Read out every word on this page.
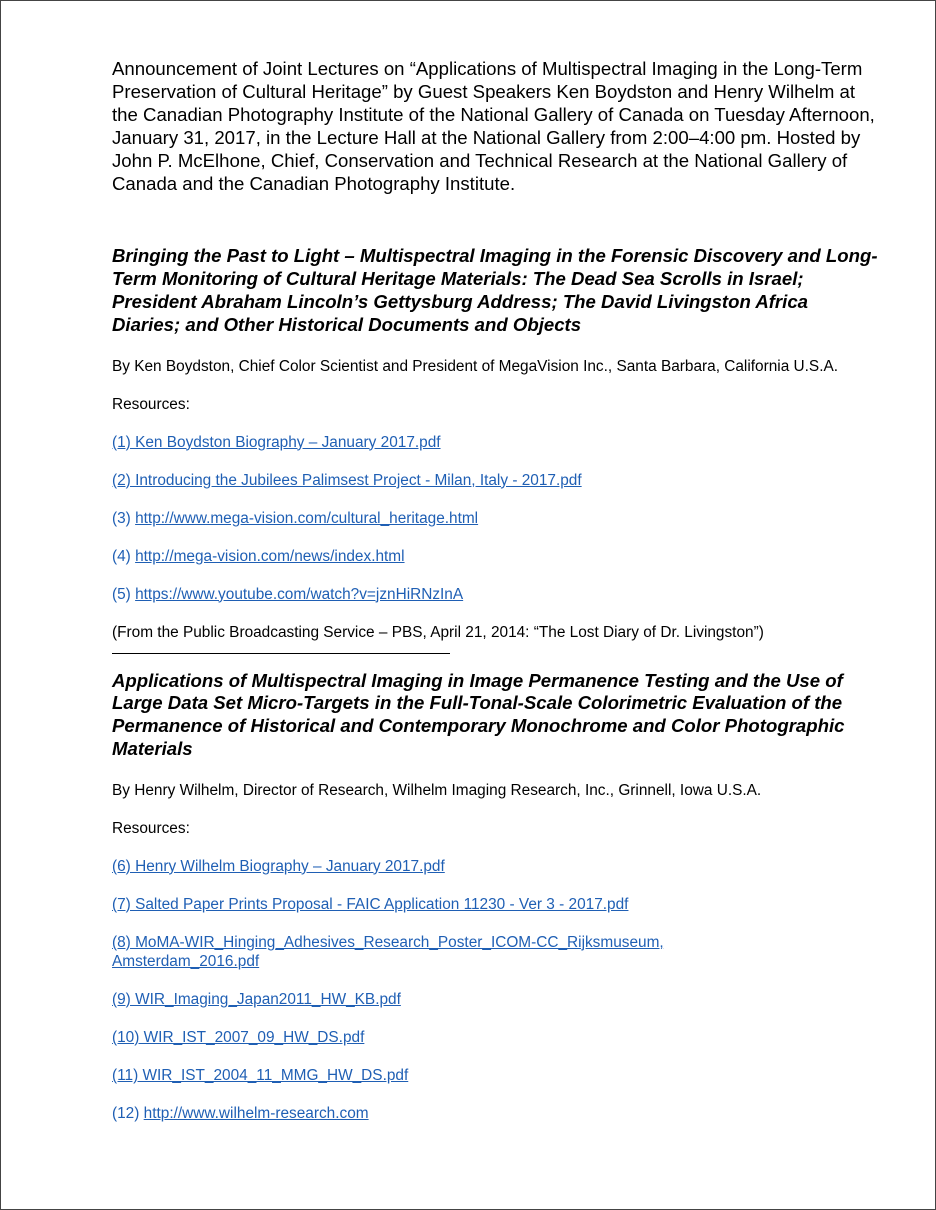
Announcement of Joint Lectures on “Applications of Multispectral Imaging in the Long-Term Preservation of Cultural Heritage” by Guest Speakers Ken Boydston and Henry Wilhelm at the Canadian Photography Institute of the National Gallery of Canada on Tuesday Afternoon, January 31, 2017, in the Lecture Hall at the National Gallery from 2:00–4:00 pm. Hosted by John P. McElhone, Chief, Conservation and Technical Research at the National Gallery of Canada and the Canadian Photography Institute.

Bringing the Past to Light – Multispectral Imaging in the Forensic Discovery and Long-Term Monitoring of Cultural Heritage Materials: The Dead Sea Scrolls in Israel; President Abraham Lincoln’s Gettysburg Address; The David Livingston Africa Diaries; and Other Historical Documents and Objects

By Ken Boydston, Chief Color Scientist and President of MegaVision Inc., Santa Barbara, California U.S.A.

Resources:

(1) Ken Boydston Biography – January 2017.pdf
(2) Introducing the Jubilees Palimsest Project - Milan, Italy - 2017.pdf
(3) http://www.mega-vision.com/cultural_heritage.html
(4) http://mega-vision.com/news/index.html
(5) https://www.youtube.com/watch?v=jznHiRNzInA

(From the Public Broadcasting Service – PBS, April 21, 2014: “The Lost Diary of Dr. Livingston”)

Applications of Multispectral Imaging in Image Permanence Testing and the Use of Large Data Set Micro-Targets in the Full-Tonal-Scale Colorimetric Evaluation of the Permanence of Historical and Contemporary Monochrome and Color Photographic Materials

By Henry Wilhelm, Director of Research, Wilhelm Imaging Research, Inc., Grinnell, Iowa U.S.A.

Resources:

(6) Henry Wilhelm Biography – January 2017.pdf
(7) Salted Paper Prints Proposal - FAIC Application 11230 - Ver 3 - 2017.pdf
(8) MoMA-WIR_Hinging_Adhesives_Research_Poster_ICOM-CC_Rijksmuseum, Amsterdam_2016.pdf
(9) WIR_Imaging_Japan2011_HW_KB.pdf
(10) WIR_IST_2007_09_HW_DS.pdf
(11) WIR_IST_2004_11_MMG_HW_DS.pdf
(12) http://www.wilhelm-research.com
